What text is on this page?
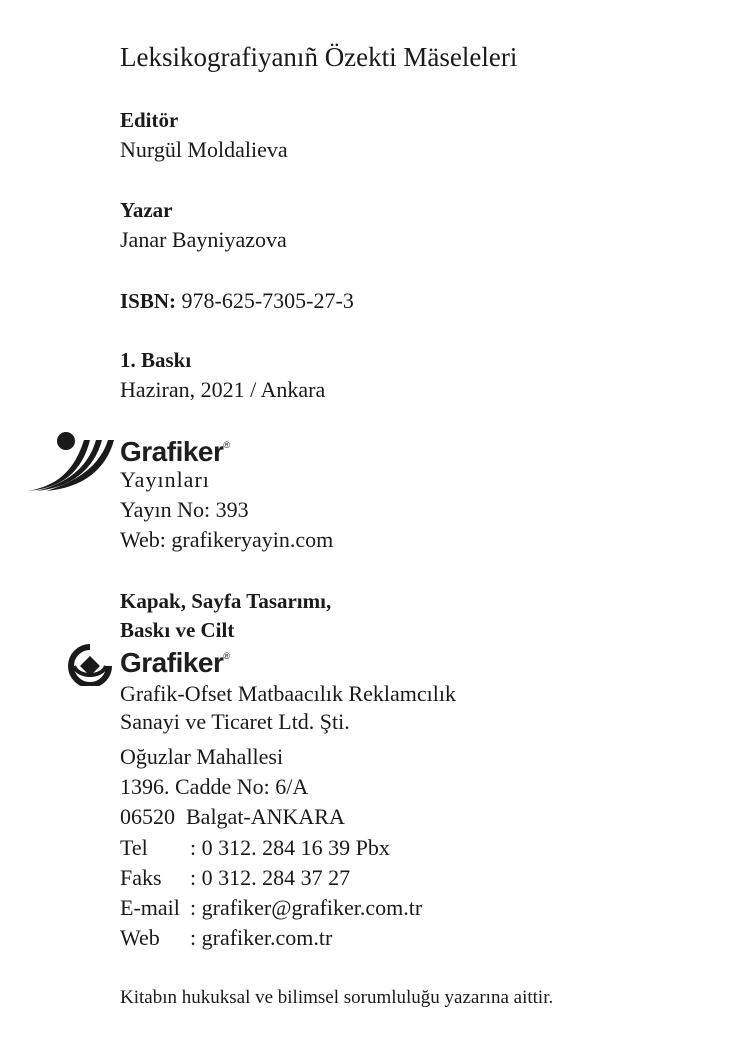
Leksikografiyanıñ Özekti Mäseleleri
Editör
Nurgül Moldalieva
Yazar
Janar Bayniyazova
ISBN: 978-625-7305-27-3
1. Baskı
Haziran, 2021 / Ankara
Grafiker®
Yayınları
Yayın No: 393
Web: grafikeryayin.com
Kapak, Sayfa Tasarımı,
Baskı ve Cilt
Grafiker®
Grafik-Ofset Matbaacılık Reklamcılık
Sanayi ve Ticaret Ltd. Şti.
Oğuzlar Mahallesi
1396. Cadde No: 6/A
06520  Balgat-ANKARA
Tel : 0 312. 284 16 39 Pbx
Faks : 0 312. 284 37 27
E-mail : grafiker@grafiker.com.tr
Web : grafiker.com.tr
Kitabın hukuksal ve bilimsel sorumluluğu yazarına aittir.
